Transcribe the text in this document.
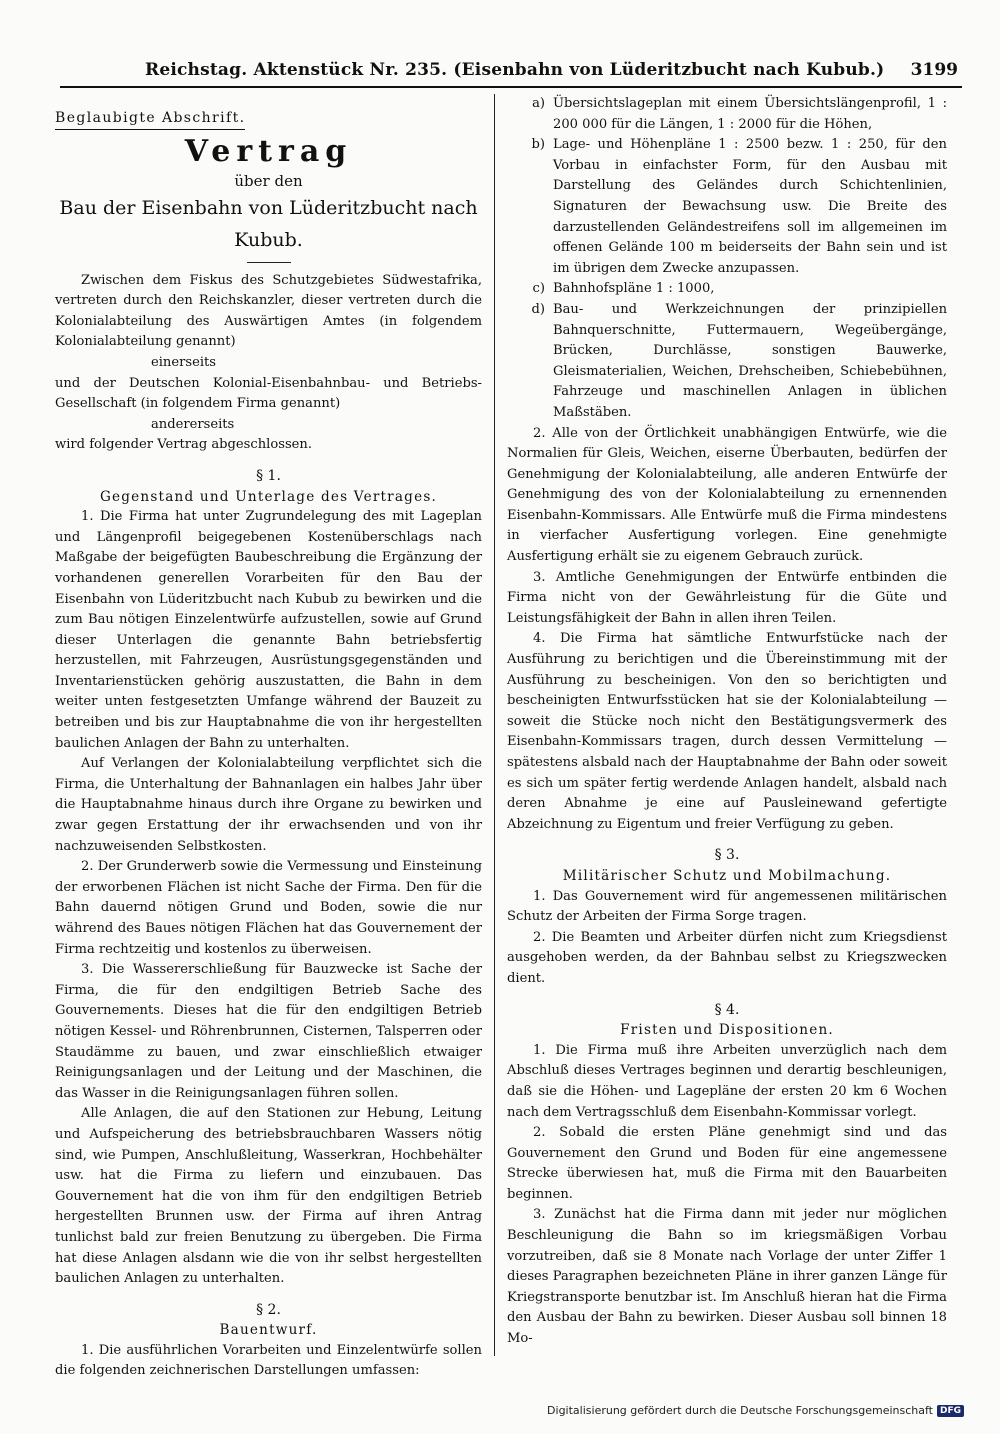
Reichstag. Aktenstück Nr. 235. (Eisenbahn von Lüderitzbucht nach Kubub.) 3199
Beglaubigte Abschrift.
Vertrag
über den
Bau der Eisenbahn von Lüderitzbucht nach Kubub.

Zwischen dem Fiskus des Schutzgebietes Südwestafrika, vertreten durch den Reichskanzler, dieser vertreten durch die Kolonialabteilung des Auswärtigen Amtes (in folgendem Kolonialabteilung genannt)

einerseits

und der Deutschen Kolonial-Eisenbahnbau- und Betriebs-Gesellschaft (in folgendem Firma genannt)

andererseits

wird folgender Vertrag abgeschlossen.

§ 1.
Gegenstand und Unterlage des Vertrages.

1. Die Firma hat unter Zugrundelegung des mit Lageplan und Längenprofil beigegebenen Kostenüberschlags nach Maßgabe der beigefügten Baubeschreibung die Ergänzung der vorhandenen generellen Vorarbeiten für den Bau der Eisenbahn von Lüderitzbucht nach Kubub zu bewirken und die zum Bau nötigen Einzelentwürfe aufzustellen, sowie auf Grund dieser Unterlagen die genannte Bahn betriebsfertig herzustellen, mit Fahrzeugen, Ausrüstungsgegenständen und Inventarienstücken gehörig auszustatten, die Bahn in dem weiter unten festgesetzten Umfange während der Bauzeit zu betreiben und bis zur Hauptabnahme die von ihr hergestellten baulichen Anlagen der Bahn zu unterhalten.

Auf Verlangen der Kolonialabteilung verpflichtet sich die Firma, die Unterhaltung der Bahnanlagen ein halbes Jahr über die Hauptabnahme hinaus durch ihre Organe zu bewirken und zwar gegen Erstattung der ihr erwachsenden und von ihr nachzuweisenden Selbstkosten.

2. Der Grunderwerb sowie die Vermessung und Einsteinung der erworbenen Flächen ist nicht Sache der Firma. Den für die Bahn dauernd nötigen Grund und Boden, sowie die nur während des Baues nötigen Flächen hat das Gouvernement der Firma rechtzeitig und kostenlos zu überweisen.

3. Die Wassererschließung für Bauzwecke ist Sache der Firma, die für den endgiltigen Betrieb Sache des Gouvernements. Dieses hat die für den endgiltigen Betrieb nötigen Kessel- und Röhrenbrunnen, Cisternen, Talsperren oder Staudämme zu bauen, und zwar einschließlich etwaiger Reinigungsanlagen und der Leitung und der Maschinen, die das Wasser in die Reinigungsanlagen führen sollen.

Alle Anlagen, die auf den Stationen zur Hebung, Leitung und Aufspeicherung des betriebsbrauchbaren Wassers nötig sind, wie Pumpen, Anschlußleitung, Wasserkran, Hochbehälter usw. hat die Firma zu liefern und einzubauen. Das Gouvernement hat die von ihm für den endgiltigen Betrieb hergestellten Brunnen usw. der Firma auf ihren Antrag tunlichst bald zur freien Benutzung zu übergeben. Die Firma hat diese Anlagen alsdann wie die von ihr selbst hergestellten baulichen Anlagen zu unterhalten.

§ 2.
Bauentwurf.

1. Die ausführlichen Vorarbeiten und Einzelentwürfe sollen die folgenden zeichnerischen Darstellungen umfassen:

a) Übersichtslageplan mit einem Übersichtslängenprofil, 1 : 200 000 für die Längen, 1 : 2000 für die Höhen,
b) Lage- und Höhenpläne 1 : 2500 bezw. 1 : 250, für den Vorbau in einfachster Form, für den Ausbau mit Darstellung des Geländes durch Schichtenlinien, Signaturen der Bewachsung usw. Die Breite des darzustellenden Geländestreifens soll im allgemeinen im offenen Gelände 100 m beiderseits der Bahn sein und ist im übrigen dem Zwecke anzupassen.
c) Bahnhofspläne 1 : 1000,
d) Bau- und Werkzeichnungen der prinzipiellen Bahnquerschnitte, Futtermauern, Wegeübergänge, Brücken, Durchlässe, sonstigen Bauwerke, Gleismaterialien, Weichen, Drehscheiben, Schiebebühnen, Fahrzeuge und maschinellen Anlagen in üblichen Maßstäben.

2. Alle von der Örtlichkeit unabhängigen Entwürfe, wie die Normalien für Gleis, Weichen, eiserne Überbauten, bedürfen der Genehmigung der Kolonialabteilung, alle anderen Entwürfe der Genehmigung des von der Kolonialabteilung zu ernennenden Eisenbahn-Kommissars. Alle Entwürfe muß die Firma mindestens in vierfacher Ausfertigung vorlegen. Eine genehmigte Ausfertigung erhält sie zu eigenem Gebrauch zurück.

3. Amtliche Genehmigungen der Entwürfe entbinden die Firma nicht von der Gewährleistung für die Güte und Leistungsfähigkeit der Bahn in allen ihren Teilen.

4. Die Firma hat sämtliche Entwurfstücke nach der Ausführung zu berichtigen und die Übereinstimmung mit der Ausführung zu bescheinigen. Von den so berichtigten und bescheinigten Entwurfsstücken hat sie der Kolonialabteilung — soweit die Stücke noch nicht den Bestätigungsvermerk des Eisenbahn-Kommissars tragen, durch dessen Vermittelung — spätestens alsbald nach der Hauptabnahme der Bahn oder soweit es sich um später fertig werdende Anlagen handelt, alsbald nach deren Abnahme je eine auf Pausleinewand gefertigte Abzeichnung zu Eigentum und freier Verfügung zu geben.

§ 3.
Militärischer Schutz und Mobilmachung.

1. Das Gouvernement wird für angemessenen militärischen Schutz der Arbeiten der Firma Sorge tragen.

2. Die Beamten und Arbeiter dürfen nicht zum Kriegsdienst ausgehoben werden, da der Bahnbau selbst zu Kriegszwecken dient.

§ 4.
Fristen und Dispositionen.

1. Die Firma muß ihre Arbeiten unverzüglich nach dem Abschluß dieses Vertrages beginnen und derartig beschleunigen, daß sie die Höhen- und Lagepläne der ersten 20 km 6 Wochen nach dem Vertragsschluß dem Eisenbahn-Kommissar vorlegt.

2. Sobald die ersten Pläne genehmigt sind und das Gouvernement den Grund und Boden für eine angemessene Strecke überwiesen hat, muß die Firma mit den Bauarbeiten beginnen.

3. Zunächst hat die Firma dann mit jeder nur möglichen Beschleunigung die Bahn so im kriegsmäßigen Vorbau vorzutreiben, daß sie 8 Monate nach Vorlage der unter Ziffer 1 dieses Paragraphen bezeichneten Pläne in ihrer ganzen Länge für Kriegstransporte benutzbar ist. Im Anschluß hieran hat die Firma den Ausbau der Bahn zu bewirken. Dieser Ausbau soll binnen 18 Mo-

Digitalisierung gefördert durch die Deutsche Forschungsgemeinschaft DFG
